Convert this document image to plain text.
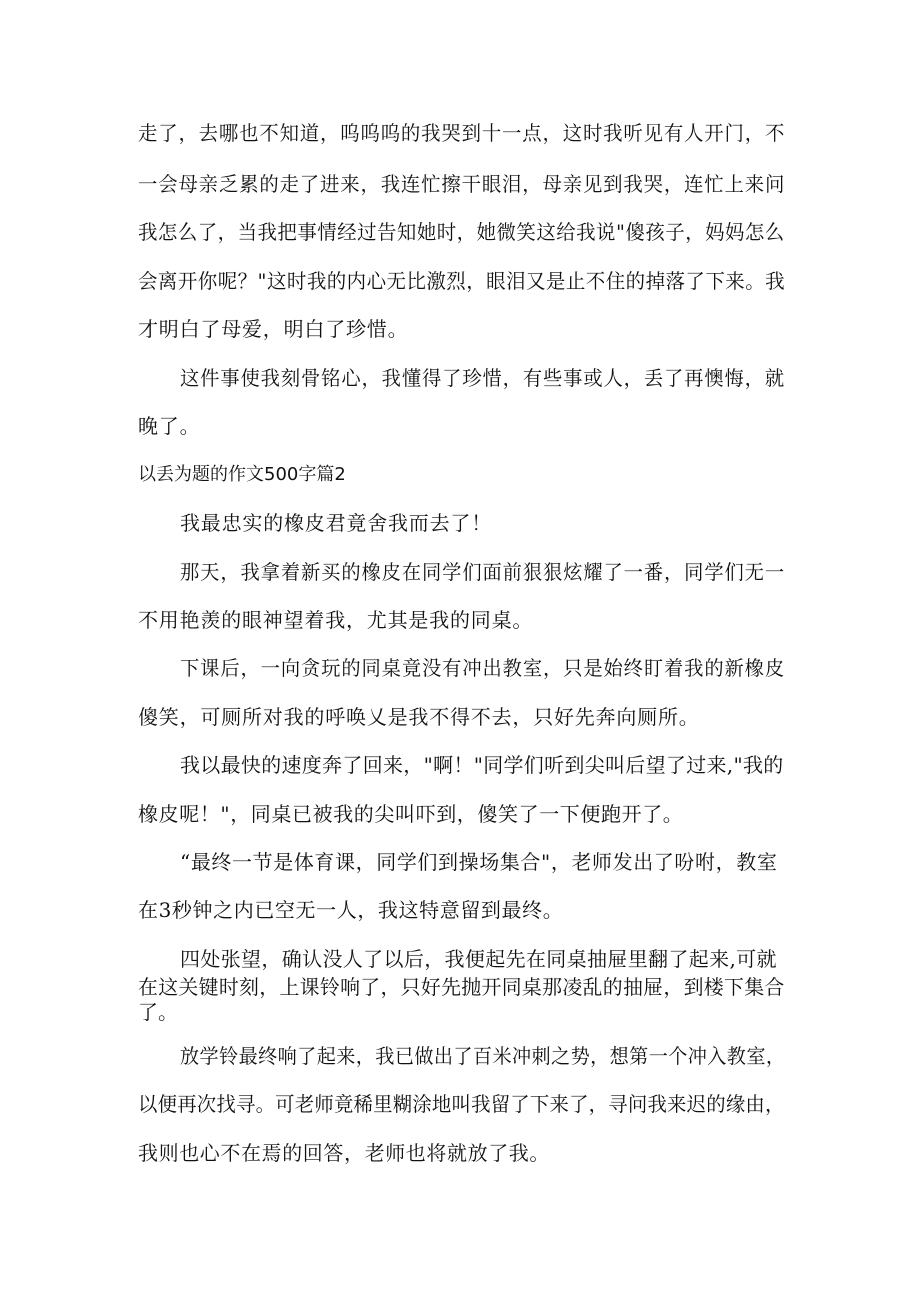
走了，去哪也不知道，呜呜呜的我哭到十一点，这时我听见有人开门，不
一会母亲乏累的走了进来，我连忙擦干眼泪，母亲见到我哭，连忙上来问
我怎么了，当我把事情经过告知她时，她微笑这给我说"傻孩子，妈妈怎么
会离开你呢？"这时我的内心无比激烈，眼泪又是止不住的掉落了下来。我
才明白了母爱，明白了珍惜。
这件事使我刻骨铭心，我懂得了珍惜，有些事或人，丢了再懊悔，就
晚了。
以丢为题的作文500字篇2
我最忠实的橡皮君竟舍我而去了！
那天，我拿着新买的橡皮在同学们面前狠狠炫耀了一番，同学们无一
不用艳羡的眼神望着我，尤其是我的同桌。
下课后，一向贪玩的同桌竟没有冲出教室，只是始终盯着我的新橡皮
傻笑，可厕所对我的呼唤乂是我不得不去，只好先奔向厕所。
我以最快的速度奔了回来，"啊！"同学们听到尖叫后望了过来,"我的
橡皮呢！"，同桌已被我的尖叫吓到，傻笑了一下便跑开了。
“最终一节是体育课，同学们到操场集合"，老师发出了吩咐，教室
在3秒钟之内已空无一人，我这特意留到最终。
四处张望，确认没人了以后，我便起先在同桌抽屉里翻了起来,可就
在这关键时刻，上课铃响了，只好先抛开同桌那凌乱的抽屉，到楼下集合
了。
放学铃最终响了起来，我已做出了百米冲刺之势，想第一个冲入教室，
以便再次找寻。可老师竟稀里糊涂地叫我留了下来了，寻问我来迟的缘由，
我则也心不在焉的回答，老师也将就放了我。
